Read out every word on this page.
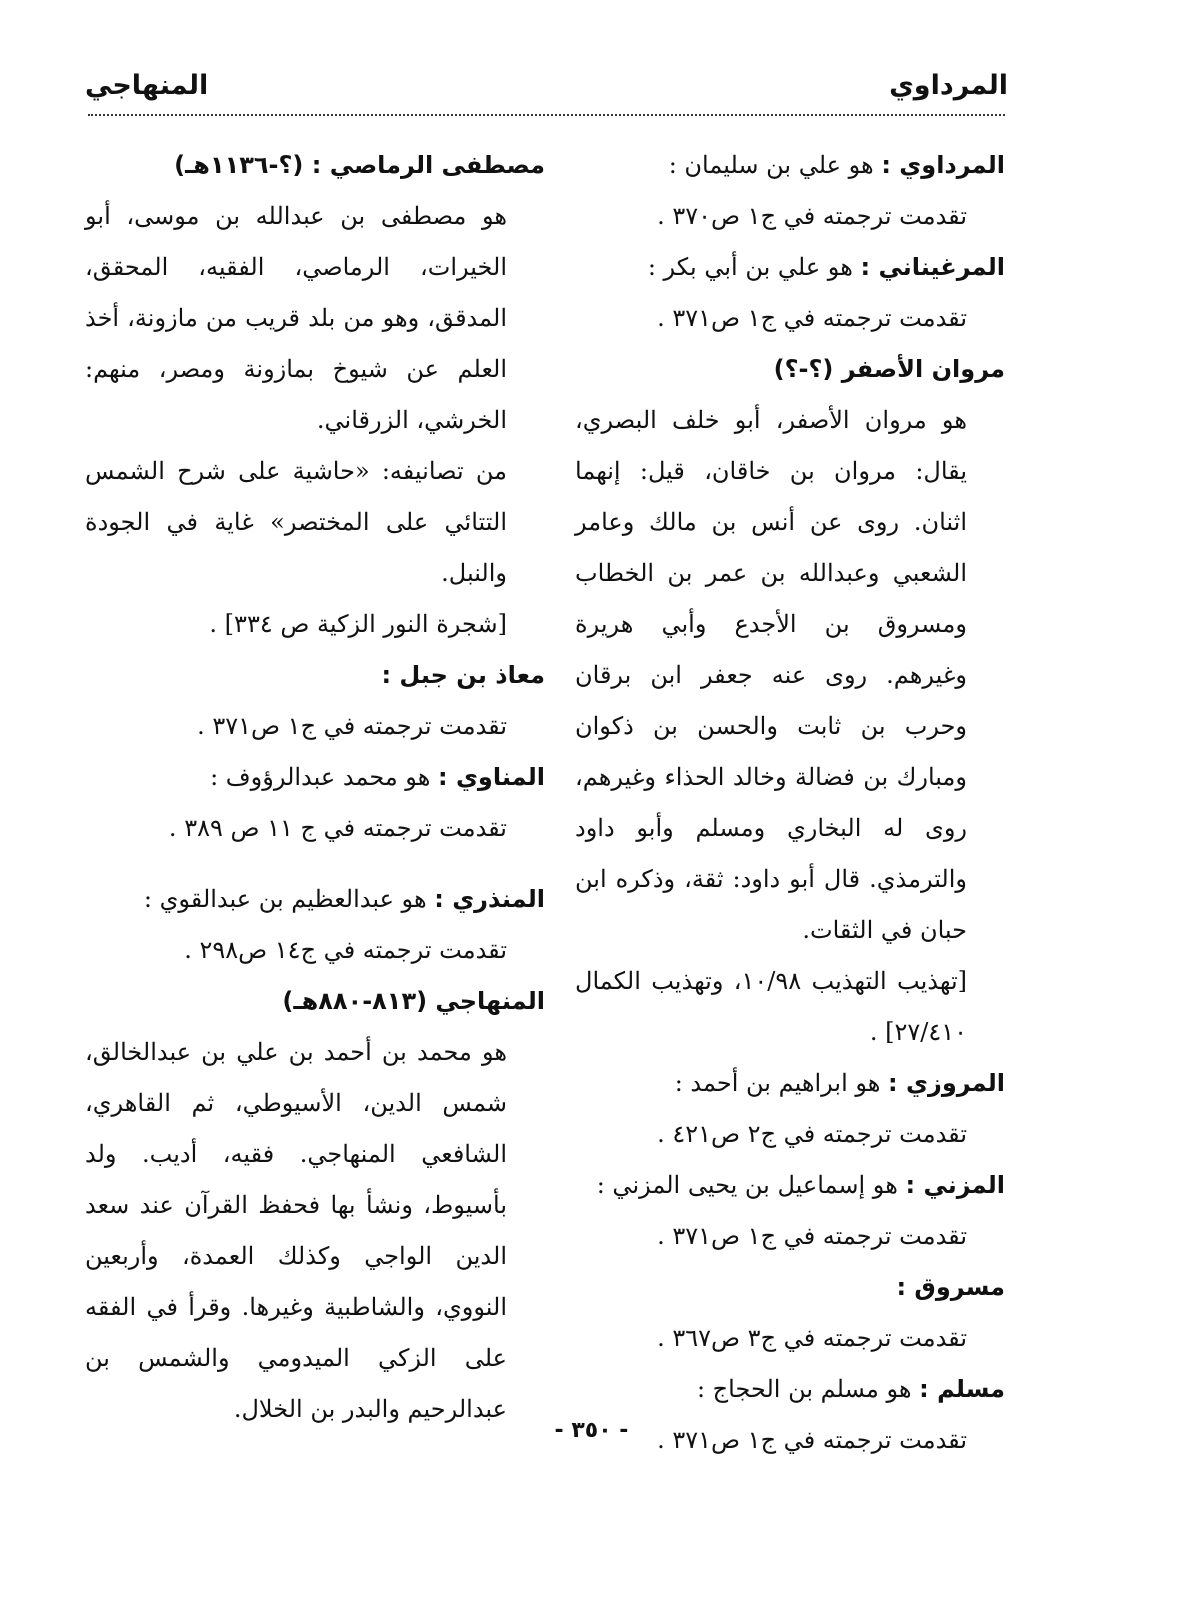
المرداوي
المنهاجي

المرداوي : هو علي بن سليمان :

تقدمت ترجمته في ج١ ص٣٧٠ .

المرغيناني : هو علي بن أبي بكر :

تقدمت ترجمته في ج١ ص٣٧١ .

مروان الأصفر (؟-؟)

هو مروان الأصفر، أبو خلف البصري، يقال: مروان بن خاقان، قيل: إنهما اثنان. روى عن أنس بن مالك وعامر الشعبي وعبدالله بن عمر بن الخطاب ومسروق بن الأجدع وأبي هريرة وغيرهم. روى عنه جعفر ابن برقان وحرب بن ثابت والحسن بن ذكوان ومبارك بن فضالة وخالد الحذاء وغيرهم، روى له البخاري ومسلم وأبو داود والترمذي. قال أبو داود: ثقة، وذكره ابن حبان في الثقات.

[تهذيب التهذيب ١٠/٩٨، وتهذيب الكمال ٢٧/٤١٠] .

المروزي : هو ابراهيم بن أحمد :

تقدمت ترجمته في ج٢ ص٤٢١ .

المزني : هو إسماعيل بن يحيى المزني :

تقدمت ترجمته في ج١ ص٣٧١ .

مسروق :

تقدمت ترجمته في ج٣ ص٣٦٧ .

مسلم : هو مسلم بن الحجاج :

تقدمت ترجمته في ج١ ص٣٧١ .

مصطفى الرماصي : (؟-١١٣٦هـ)

هو مصطفى بن عبدالله بن موسى، أبو الخيرات، الرماصي، الفقيه، المحقق، المدقق، وهو من بلد قريب من مازونة، أخذ العلم عن شيوخ بمازونة ومصر، منهم: الخرشي، الزرقاني.

من تصانيفه: «حاشية على شرح الشمس التتائي على المختصر» غاية في الجودة والنبل.

[شجرة النور الزكية ص ٣٣٤] .

معاذ بن جبل :

تقدمت ترجمته في ج١ ص٣٧١ .

المناوي : هو محمد عبدالرؤوف :

تقدمت ترجمته في ج ١١ ص ٣٨٩ .

المنذري : هو عبدالعظيم بن عبدالقوي :

تقدمت ترجمته في ج١٤ ص٢٩٨ .

المنهاجي (٨١٣-٨٨٠هـ)

هو محمد بن أحمد بن علي بن عبدالخالق، شمس الدين، الأسيوطي، ثم القاهري، الشافعي المنهاجي. فقيه، أديب. ولد بأسيوط، ونشأ بها فحفظ القرآن عند سعد الدين الواجي وكذلك العمدة، وأربعين النووي، والشاطبية وغيرها. وقرأ في الفقه على الزكي الميدومي والشمس بن عبدالرحيم والبدر بن الخلال.

- ٣٥٠ -
